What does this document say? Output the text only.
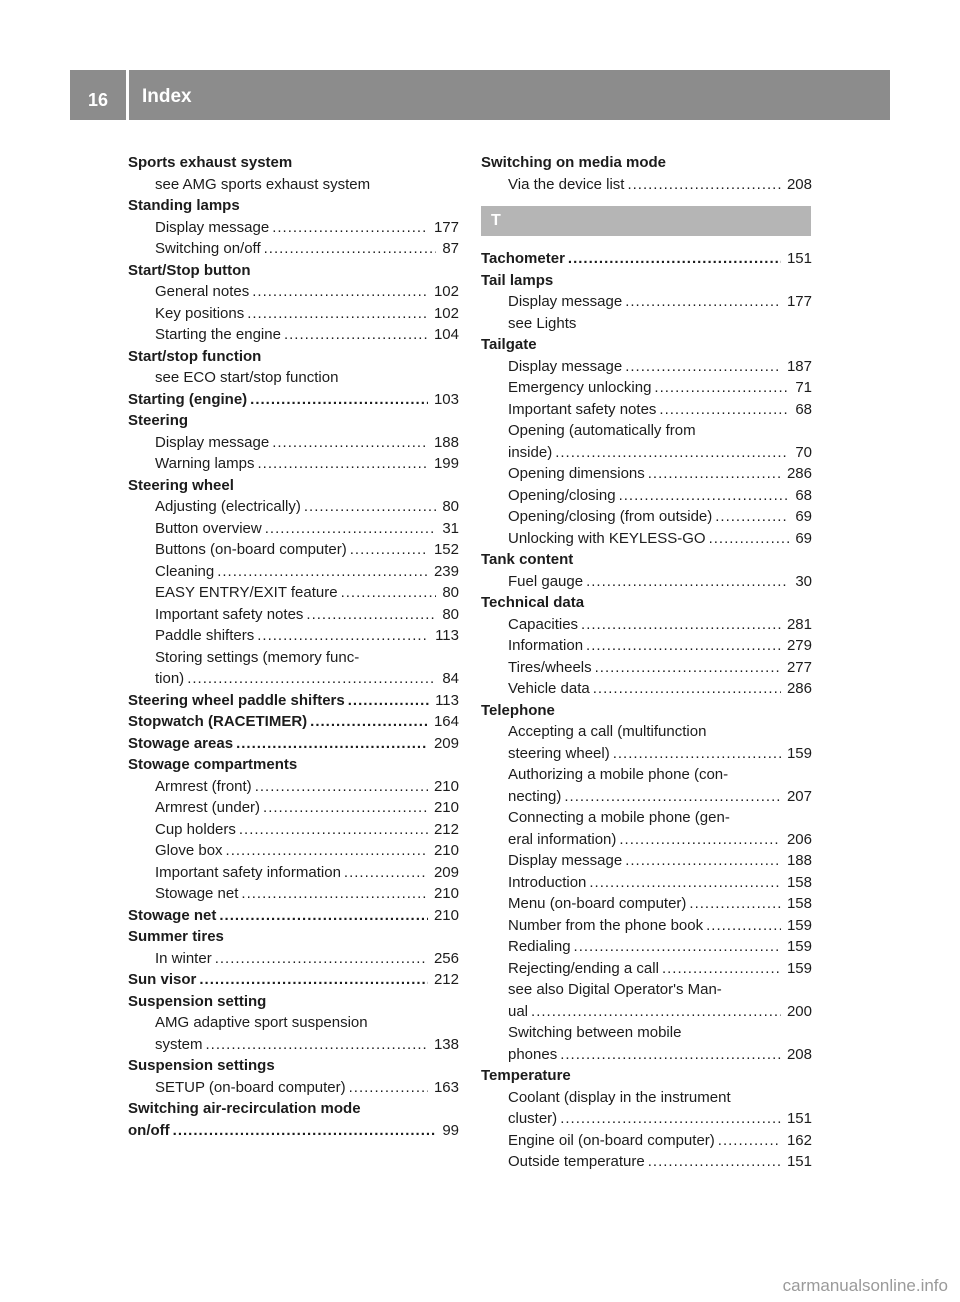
16	Index
Sports exhaust system
see AMG sports exhaust system
Standing lamps
Display message .....	177
Switching on/off .....	87
Start/Stop button
General notes .....	102
Key positions .....	102
Starting the engine .....	104
Start/stop function
see ECO start/stop function
Starting (engine) .....	103
Steering
Display message .....	188
Warning lamps .....	199
Steering wheel
Adjusting (electrically) .....	80
Button overview .....	31
Buttons (on-board computer) .....	152
Cleaning .....	239
EASY ENTRY/EXIT feature .....	80
Important safety notes .....	80
Paddle shifters .....	113
Storing settings (memory func-
tion) .....	84
Steering wheel paddle shifters .....	113
Stopwatch (RACETIMER) .....	164
Stowage areas .....	209
Stowage compartments
Armrest (front) .....	210
Armrest (under) .....	210
Cup holders .....	212
Glove box .....	210
Important safety information .....	209
Stowage net .....	210
Stowage net .....	210
Summer tires
In winter .....	256
Sun visor .....	212
Suspension setting
AMG adaptive sport suspension
system .....	138
Suspension settings
SETUP (on-board computer) .....	163
Switching air-recirculation mode
on/off .....	99
Switching on media mode
Via the device list .....	208
T
Tachometer .....	151
Tail lamps
Display message .....	177
see Lights
Tailgate
Display message .....	187
Emergency unlocking .....	71
Important safety notes .....	68
Opening (automatically from
inside) .....	70
Opening dimensions .....	286
Opening/closing .....	68
Opening/closing (from outside) .....	69
Unlocking with KEYLESS-GO .....	69
Tank content
Fuel gauge .....	30
Technical data
Capacities .....	281
Information .....	279
Tires/wheels .....	277
Vehicle data .....	286
Telephone
Accepting a call (multifunction
steering wheel) .....	159
Authorizing a mobile phone (con-
necting) .....	207
Connecting a mobile phone (gen-
eral information) .....	206
Display message .....	188
Introduction .....	158
Menu (on-board computer) .....	158
Number from the phone book .....	159
Redialing .....	159
Rejecting/ending a call .....	159
see also Digital Operator's Man-
ual .....	200
Switching between mobile
phones .....	208
Temperature
Coolant (display in the instrument
cluster) .....	151
Engine oil (on-board computer) .....	162
Outside temperature .....	151
carmanualsonline.info
